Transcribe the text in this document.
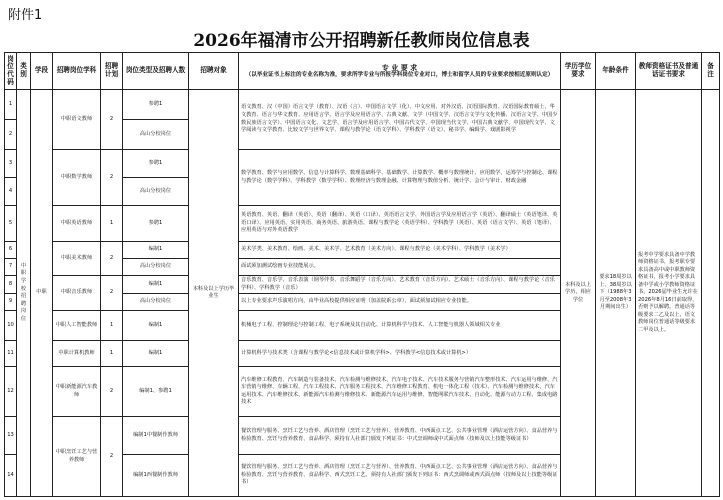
附件1
2026年福清市公开招聘新任教师岗位信息表
岗位代码	类别	学段	招聘岗位学科	招聘计划	岗位类型及招聘人数	招聘对象	专 业 要 求
（以毕业证书上标注的专业名称为准，要求所学专业与所报学科岗位专业对口，博士和留学人员的专业要求按相近原则认定）	学历学位要求	年龄条件	教师资格证书及普通话证书要求	备注
1	中职学校招聘岗位	中职	中职语文教师	2	参聘1	本科及以上学历毕业生	语文教育、汉（中国）语言文学（教育）、汉语（言）、中国语言文学（化）、中文应用、对外汉语、汉语国际教育、汉语国际教育硕士、华文教育、语言与华文教育、应用语言学、语言学及应用语言学、古典文献、文学（中国文学、汉语言文学与文化传播、汉语言文学、中国少数民族语言文学）、中国语言文化、文艺学、语言学及应用语言学、中国古代文学、中国现当代文学、中国古典文献学、中国现代文学、文学阅读与文学教育、比较文学与世界文学、课程与教学论（语文学科）、学科教学（语文）、秘书学、编辑学、戏剧影视学	本科及以上学历，相应学位	要求18周岁以上、38周岁以下（1988年3月至2008年3月期间出生）	报考中学要求具备中学教师资格证书，报考职专要求具备高中或中职教师资格证书，报考小学要求具备中学或小学教师资格证书，2026届毕业生允许在2026年8月16日前取得，否则予以解聘。普通话等级要求二乙及以上，语文教师岗位普通话等级要求二甲及以上。	
2					高山分校岗位						
3			中职数学教师	2	参聘1		数学教育、数学与应用数学、信息与计算科学、数理基础科学、基础数学、计算数学、概率与数理统计、应用数学、运筹学与控制论、课程与教学论（数学学科）、学科教学（数学学科）、数理经济与数理金融、计算物理与数值分析、统计学、会计与审计、财政金融				
4					高山分校岗位						
5			中职英语教师	1	参聘1		英语教育、英语、翻译（英语）、英语（翻译）、英语（口译）、英语语言文学、外国语言学及应用语言学（英语）、翻译硕士（英语笔译、英语口译）、应用英语、实用英语、商务英语、旅游英语、课程与教学论（英语学科）、学科教学（英语）、英语（语言文学）、英语（笔译）、应用英语与对外英语教学				
6			中职美术教师	2	编制1		美术学类、美术教育、绘画、美术、美术学、艺术教育（美术方向）、课程与教学论（美术学科）、学科教学（美术学）				
7					高山分校岗位		面试须加测试绘画专业技能展示。				
8			中职音乐教师	2	编制1		音乐教育、音乐学、音乐表演（钢琴伴奏、音乐舞蹈学（音乐方向）、艺术教育（音乐方向）、艺术硕士（音乐方向）、课程与教学论（音乐学科）、学科教学（音乐）				
9					高山分校岗位		以上专业要求声乐演唱方向，由毕业高校提供相应证明（加盖院系公章），面试须加试相应专业技能。				
10			中职人工智能教师	1	编制1		机械电子工程、控制理论与控制工程、电子系统及其自动化、计算机科学与技术、人工智能与机器人领域相关专业				
11			中职计算机教师	1	编制1		计算机科学与技术类（含课程与教学论<信息技术或计算机学科>、学科教学<信息技术或计算机>）				
12			中职新能源汽车教师	2	编制1、参聘1		汽车维修工程教育、汽车制造与装备技术、汽车检测与维修技术、汽车电子技术、汽车技术服务与营销汽车整形技术、汽车运用与维修、汽车营销与维修、车辆工程、汽车工程技术、汽车服务工程技术、汽车维修工程教育、机电一体化工程（技术）、汽车检测与维修技术、汽车运用技术、汽车维修技术、新能源汽车检测与维修技术、新能源汽车运用与维修、智能网联汽车技术、自动化、能源与动力工程、集成电路技术				
13			中职烹饪工艺与营养教师	2	编制1中餐制作教师		餐饮管理与服务、烹饪工艺与营养、酒店管理（烹饪工艺与营养）、营养教育、中西面点工艺、公共事业管理（酒店运营方向）、食品营养与检验教育、烹饪与营养教育、食品科学、须持有人社部门颁发下列证书：中式烹调师或中式面点师（技师及以上技能等级证书）				
14					编制1西餐制作教师		餐饮管理与服务、烹饪工艺与营养、酒店管理（烹饪工艺与营养）、营养教育、中西面点工艺、公共事业管理（酒店运营方向）、食品营养与检验教育、烹饪与营养教育、食品科学、西式烹饪工艺、须持有人社部门颁发下列证书：西式烹调师或西式面点师（技师及以上技能等级证书）				
